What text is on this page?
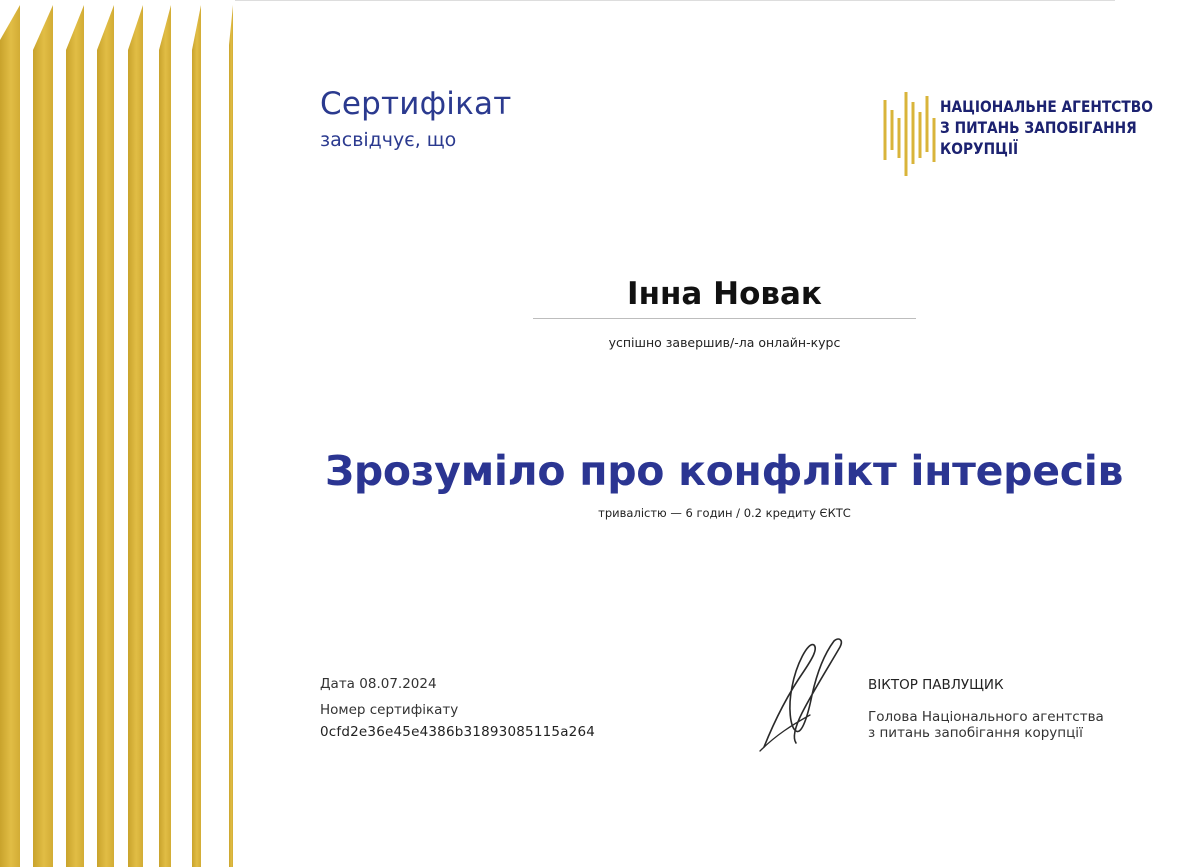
Сертифікат
засвідчує, що
НАЦІОНАЛЬНЕ АГЕНТСТВО
З ПИТАНЬ ЗАПОБІГАННЯ
КОРУПЦІЇ
Інна Новак
успішно завершив/-ла онлайн-курс
Зрозуміло про конфлікт інтересів
тривалістю — 6 годин / 0.2 кредиту ЄКТС
Дата 08.07.2024
Номер сертифікату
0cfd2e36e45e4386b31893085115a264
ВІКТОР ПАВЛУЩИК
Голова Національного агентства
з питань запобігання корупції
